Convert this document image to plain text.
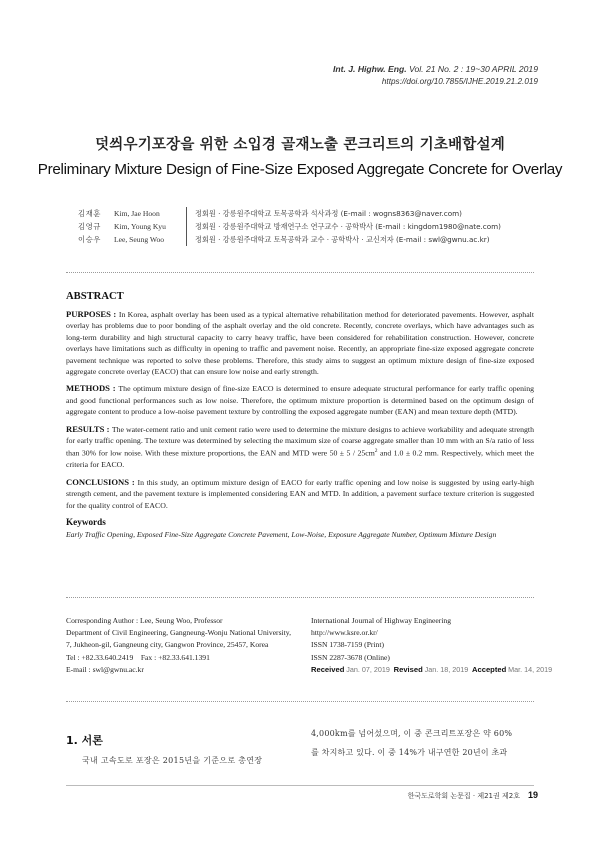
Int. J. Highw. Eng. Vol. 21 No. 2 : 19~30 APRIL 2019
https://doi.org/10.7855/IJHE.2019.21.2.019
덧씌우기포장을 위한 소입경 골재노출 콘크리트의 기초배합설계
Preliminary Mixture Design of Fine-Size Exposed Aggregate Concrete for Overlay
김재훈	Kim, Jae Hoon	정회원 · 강릉원주대학교 토목공학과 석사과정 (E-mail : wogns8363@naver.com)
김영규	Kim, Young Kyu	정회원 · 강릉원주대학교 방재연구소 연구교수 · 공학박사 (E-mail : kingdom1980@nate.com)
이승우	Lee, Seung Woo	정회원 · 강릉원주대학교 토목공학과 교수 · 공학박사 · 교신저자 (E-mail : swl@gwnu.ac.kr)
ABSTRACT

PURPOSES : In Korea, asphalt overlay has been used as a typical alternative rehabilitation method for deteriorated pavements. However, asphalt overlay has problems due to poor bonding of the asphalt overlay and the old concrete. Recently, concrete overlays, which have advantages such as long-term durability and high structural capacity to carry heavy traffic, have been considered for rehabilitation construction. However, concrete overlays have limitations such as difficulty in opening to traffic and pavement noise. Recently, an appropriate fine-size exposed aggregate concrete pavement technique was reported to solve these problems. Therefore, this study aims to suggest an optimum mixture design of fine-size exposed aggregate concrete overlay (EACO) that can ensure low noise and early strength.

METHODS : The optimum mixture design of fine-size EACO is determined to ensure adequate structural performance for early traffic opening and good functional performances such as low noise. Therefore, the optimum mixture proportion is determined based on the optimum design of aggregate content to produce a low-noise pavement texture by controlling the exposed aggregate number (EAN) and mean texture depth (MTD).

RESULTS : The water-cement ratio and unit cement ratio were used to determine the mixture designs to achieve workability and adequate strength for early traffic opening. The texture was determined by selecting the maximum size of coarse aggregate smaller than 10 mm with an S/a ratio of less than 30% for low noise. With these mixture proportions, the EAN and MTD were $50 \pm 5 / 25cm^2$ and 1.0 ± 0.2 mm. Respectively, which meet the criteria for EACO.

CONCLUSIONS : In this study, an optimum mixture design of EACO for early traffic opening and low noise is suggested by using early-high strength cement, and the pavement texture is implemented considering EAN and MTD. In addition, a pavement surface texture criterion is suggested for the quality control of EACO.

Keywords
Early Traffic Opening, Exposed Fine-Size Aggregate Concrete Pavement, Low-Noise, Exposure Aggregate Number, Optimum Mixture Design
Corresponding Author : Lee, Seung Woo, Professor
Department of Civil Engineering, Gangneung-Wonju National University,
7, Jukheon-gil, Gangneung city, Gangwon Province, 25457, Korea
Tel : +82.33.640.2419    Fax : +82.33.641.1391
E-mail : swl@gwnu.ac.kr
International Journal of Highway Engineering
http://www.ksre.or.kr/
ISSN 1738-7159 (Print)
ISSN 2287-3678 (Online)
Received Jan. 07, 2019 Revised Jan. 18, 2019 Accepted Mar. 14, 2019
1. 서론
국내 고속도로 포장은 2015년을 기준으로 총연장
4,000km를 넘어섰으며, 이 중 콘크리트포장은 약 60%
를 차지하고 있다. 이 중 14%가 내구연한 20년이 초과
한국도로학회 논문집 · 제21권 제2호 19
